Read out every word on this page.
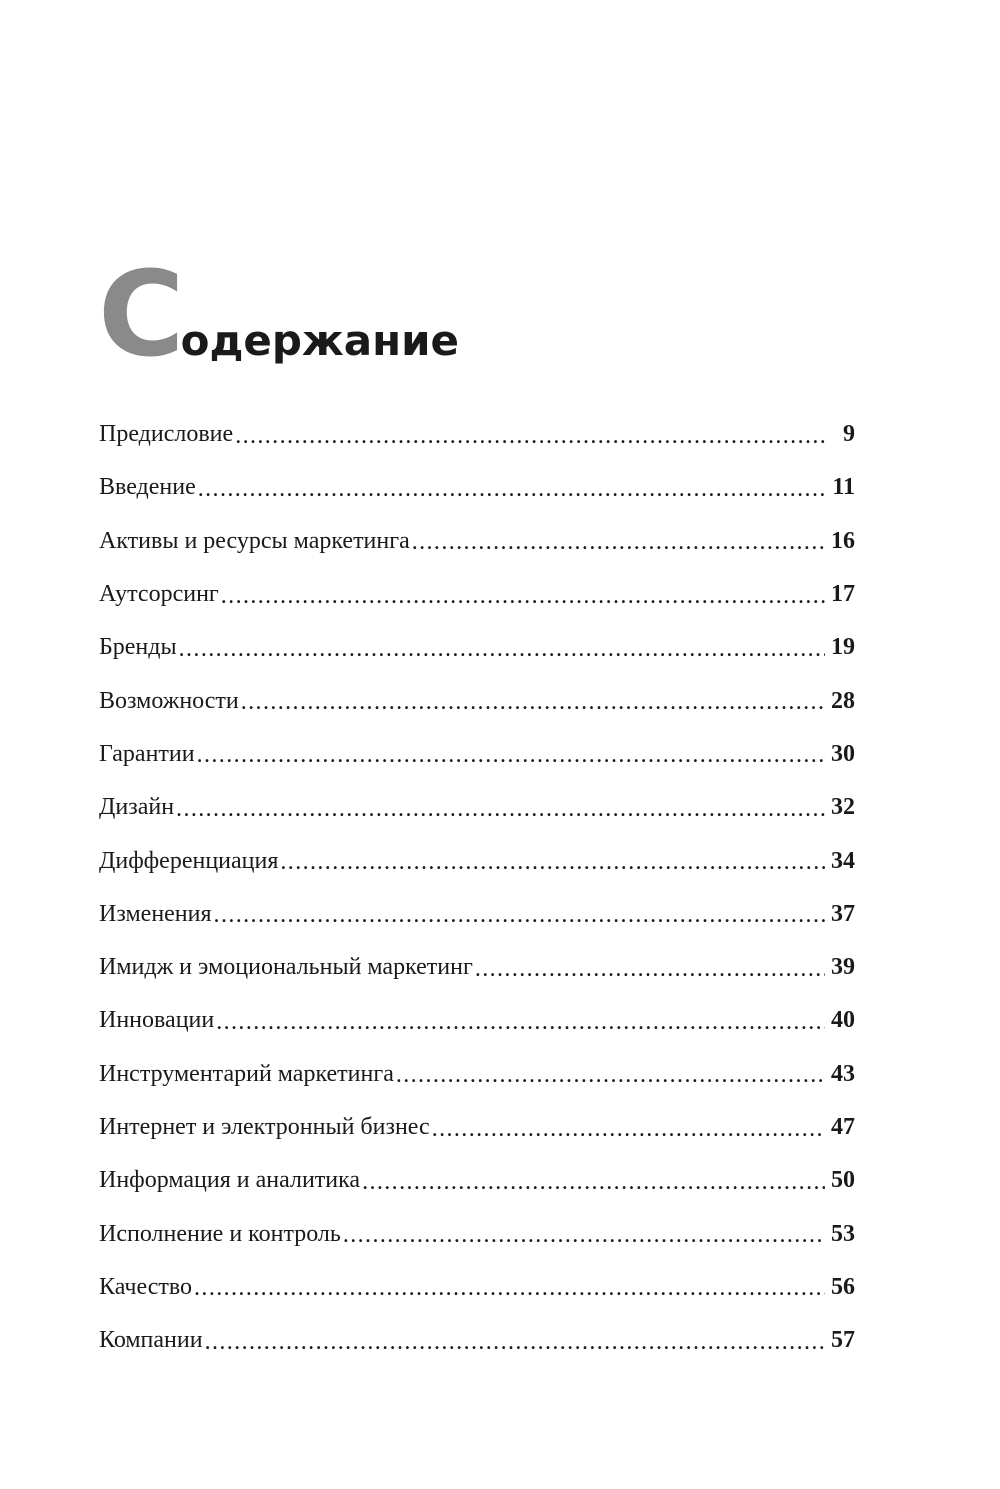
С одержание
Предисловие .....	9
Введение .....	11
Активы и ресурсы маркетинга .....	16
Аутсорсинг .....	17
Бренды .....	19
Возможности .....	28
Гарантии .....	30
Дизайн .....	32
Дифференциация .....	34
Изменения .....	37
Имидж и эмоциональный маркетинг .....	39
Инновации .....	40
Инструментарий маркетинга .....	43
Интернет и электронный бизнес .....	47
Информация и аналитика .....	50
Исполнение и контроль .....	53
Качество .....	56
Компании .....	57
